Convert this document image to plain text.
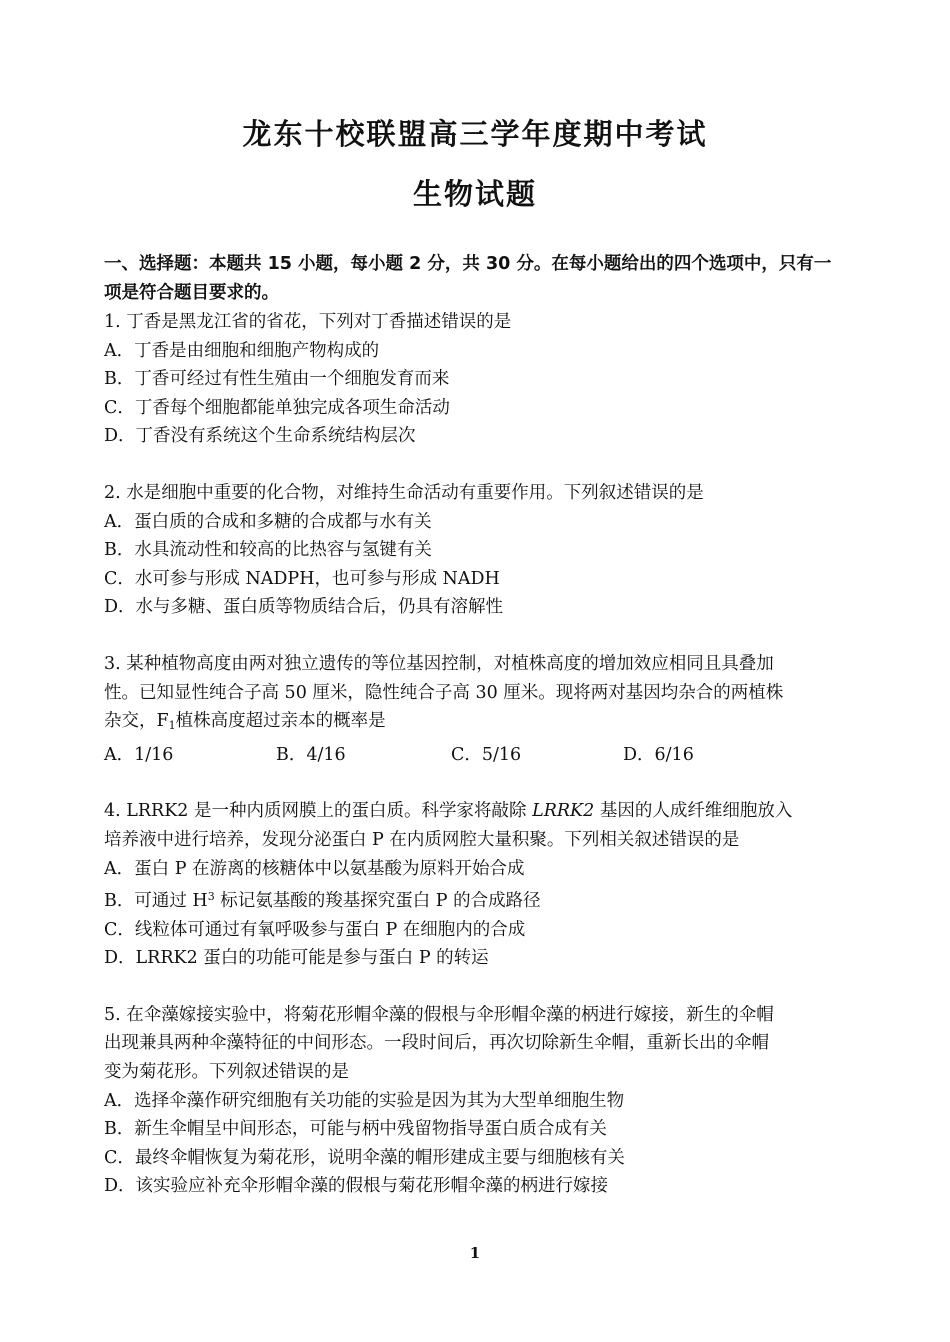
龙东十校联盟高三学年度期中考试
生物试题
一、选择题：本题共 15 小题，每小题 2 分，共 30 分。在每小题给出的四个选项中，只有一
项是符合题目要求的。
1. 丁香是黑龙江省的省花，下列对丁香描述错误的是
A．丁香是由细胞和细胞产物构成的
B．丁香可经过有性生殖由一个细胞发育而来
C．丁香每个细胞都能单独完成各项生命活动
D．丁香没有系统这个生命系统结构层次
2. 水是细胞中重要的化合物，对维持生命活动有重要作用。下列叙述错误的是
A．蛋白质的合成和多糖的合成都与水有关
B．水具流动性和较高的比热容与氢键有关
C．水可参与形成 NADPH，也可参与形成 NADH
D．水与多糖、蛋白质等物质结合后，仍具有溶解性
3. 某种植物高度由两对独立遗传的等位基因控制，对植株高度的增加效应相同且具叠加
性。已知显性纯合子高 50 厘米，隐性纯合子高 30 厘米。现将两对基因均杂合的两植株
杂交，$F_1$植株高度超过亲本的概率是
A．1/16	B．4/16	C．5/16	D．6/16
4. LRRK2 是一种内质网膜上的蛋白质。科学家将敲除 LRRK2 基因的人成纤维细胞放入
培养液中进行培养，发现分泌蛋白 P 在内质网腔大量积聚。下列相关叙述错误的是
A．蛋白 P 在游离的核糖体中以氨基酸为原料开始合成
B．可通过 $H^3$ 标记氨基酸的羧基探究蛋白 P 的合成路径
C．线粒体可通过有氧呼吸参与蛋白 P 在细胞内的合成
D．LRRK2 蛋白的功能可能是参与蛋白 P 的转运
5. 在伞藻嫁接实验中，将菊花形帽伞藻的假根与伞形帽伞藻的柄进行嫁接，新生的伞帽
出现兼具两种伞藻特征的中间形态。一段时间后，再次切除新生伞帽，重新长出的伞帽
变为菊花形。下列叙述错误的是
A．选择伞藻作研究细胞有关功能的实验是因为其为大型单细胞生物
B．新生伞帽呈中间形态，可能与柄中残留物指导蛋白质合成有关
C．最终伞帽恢复为菊花形，说明伞藻的帽形建成主要与细胞核有关
D．该实验应补充伞形帽伞藻的假根与菊花形帽伞藻的柄进行嫁接
1
